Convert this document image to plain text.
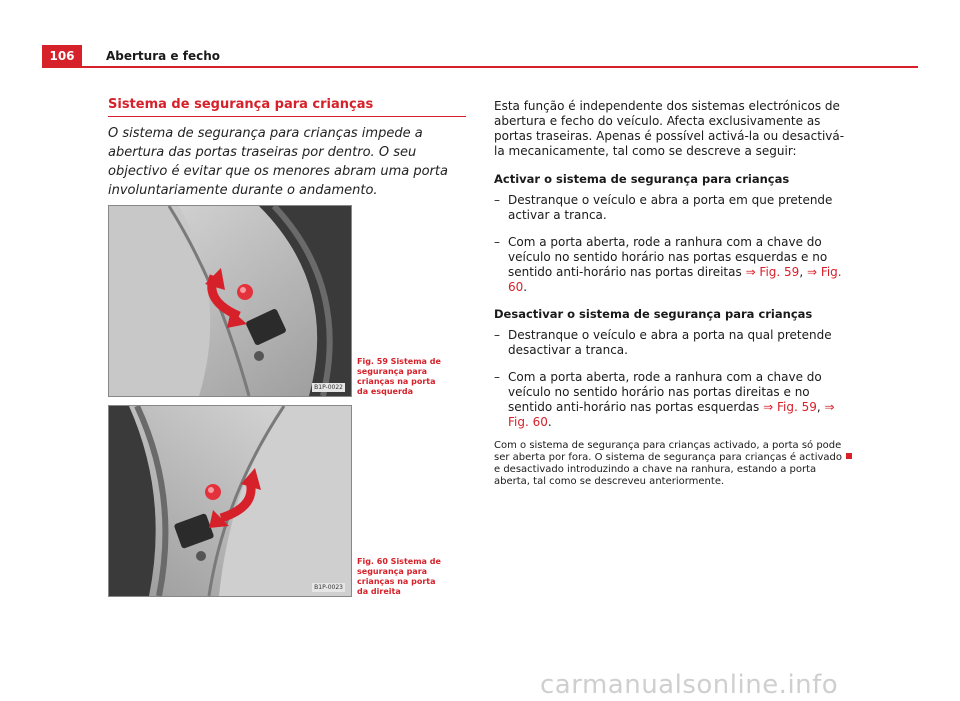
106	Abertura e fecho
Sistema de segurança para crianças
O sistema de segurança para crianças impede a abertura das portas traseiras por dentro. O seu objectivo é evitar que os menores abram uma porta involuntariamente durante o andamento.
B1P-0022
Fig. 59 Sistema de segurança para crianças na porta da esquerda
B1P-0023
Fig. 60 Sistema de segurança para crianças na porta da direita

Esta função é independente dos sistemas electrónicos de abertura e fecho do veículo. Afecta exclusivamente as portas traseiras. Apenas é possível activá-la ou desactivá-la mecanicamente, tal como se descreve a seguir:

Activar o sistema de segurança para crianças

– Destranque o veículo e abra a porta em que pretende activar a tranca.
– Com a porta aberta, rode a ranhura com a chave do veículo no sentido horário nas portas esquerdas e no sentido anti-horário nas portas direitas ⇒ Fig. 59, ⇒ Fig. 60.

Desactivar o sistema de segurança para crianças

– Destranque o veículo e abra a porta na qual pretende desactivar a tranca.
– Com a porta aberta, rode a ranhura com a chave do veículo no sentido horário nas portas direitas e no sentido anti-horário nas portas esquerdas ⇒ Fig. 59, ⇒ Fig. 60.

Com o sistema de segurança para crianças activado, a porta só pode ser aberta por fora. O sistema de segurança para crianças é activado e desactivado introduzindo a chave na ranhura, estando a porta aberta, tal como se descreveu anteriormente.

carmanualsonline.info
